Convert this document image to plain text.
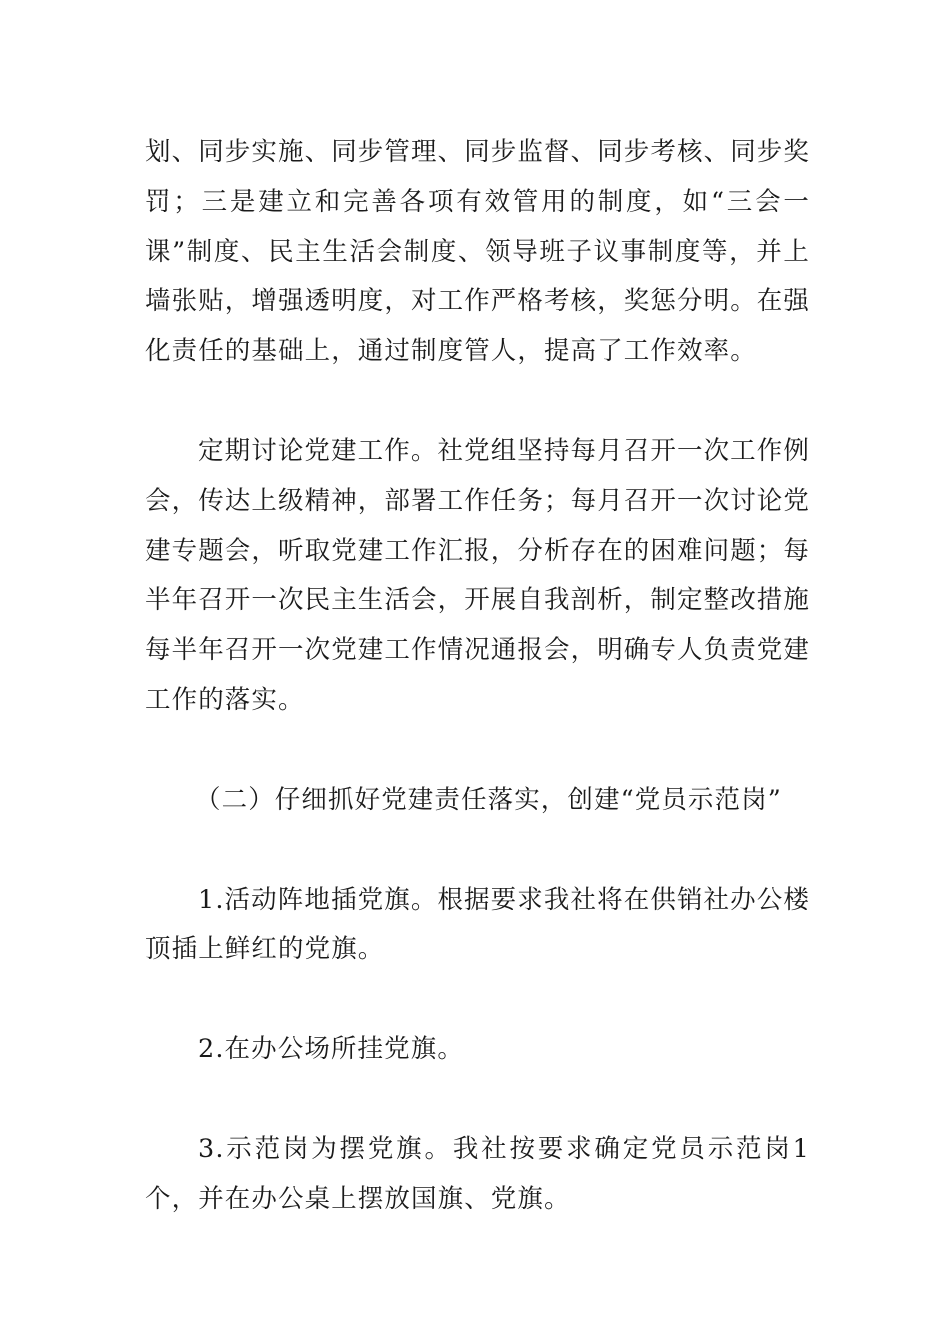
划、同步实施、同步管理、同步监督、同步考核、同步奖罚；三是建立和完善各项有效管用的制度，如“三会一课”制度、民主生活会制度、领导班子议事制度等，并上墙张贴，增强透明度，对工作严格考核，奖惩分明。在强化责任的基础上，通过制度管人，提高了工作效率。

定期讨论党建工作。社党组坚持每月召开一次工作例会，传达上级精神，部署工作任务；每月召开一次讨论党建专题会，听取党建工作汇报，分析存在的困难问题；每半年召开一次民主生活会，开展自我剖析，制定整改措施每半年召开一次党建工作情况通报会，明确专人负责党建工作的落实。

（二）仔细抓好党建责任落实，创建“党员示范岗”

1.活动阵地插党旗。根据要求我社将在供销社办公楼顶插上鲜红的党旗。

2.在办公场所挂党旗。

3.示范岗为摆党旗。我社按要求确定党员示范岗1个，并在办公桌上摆放国旗、党旗。
